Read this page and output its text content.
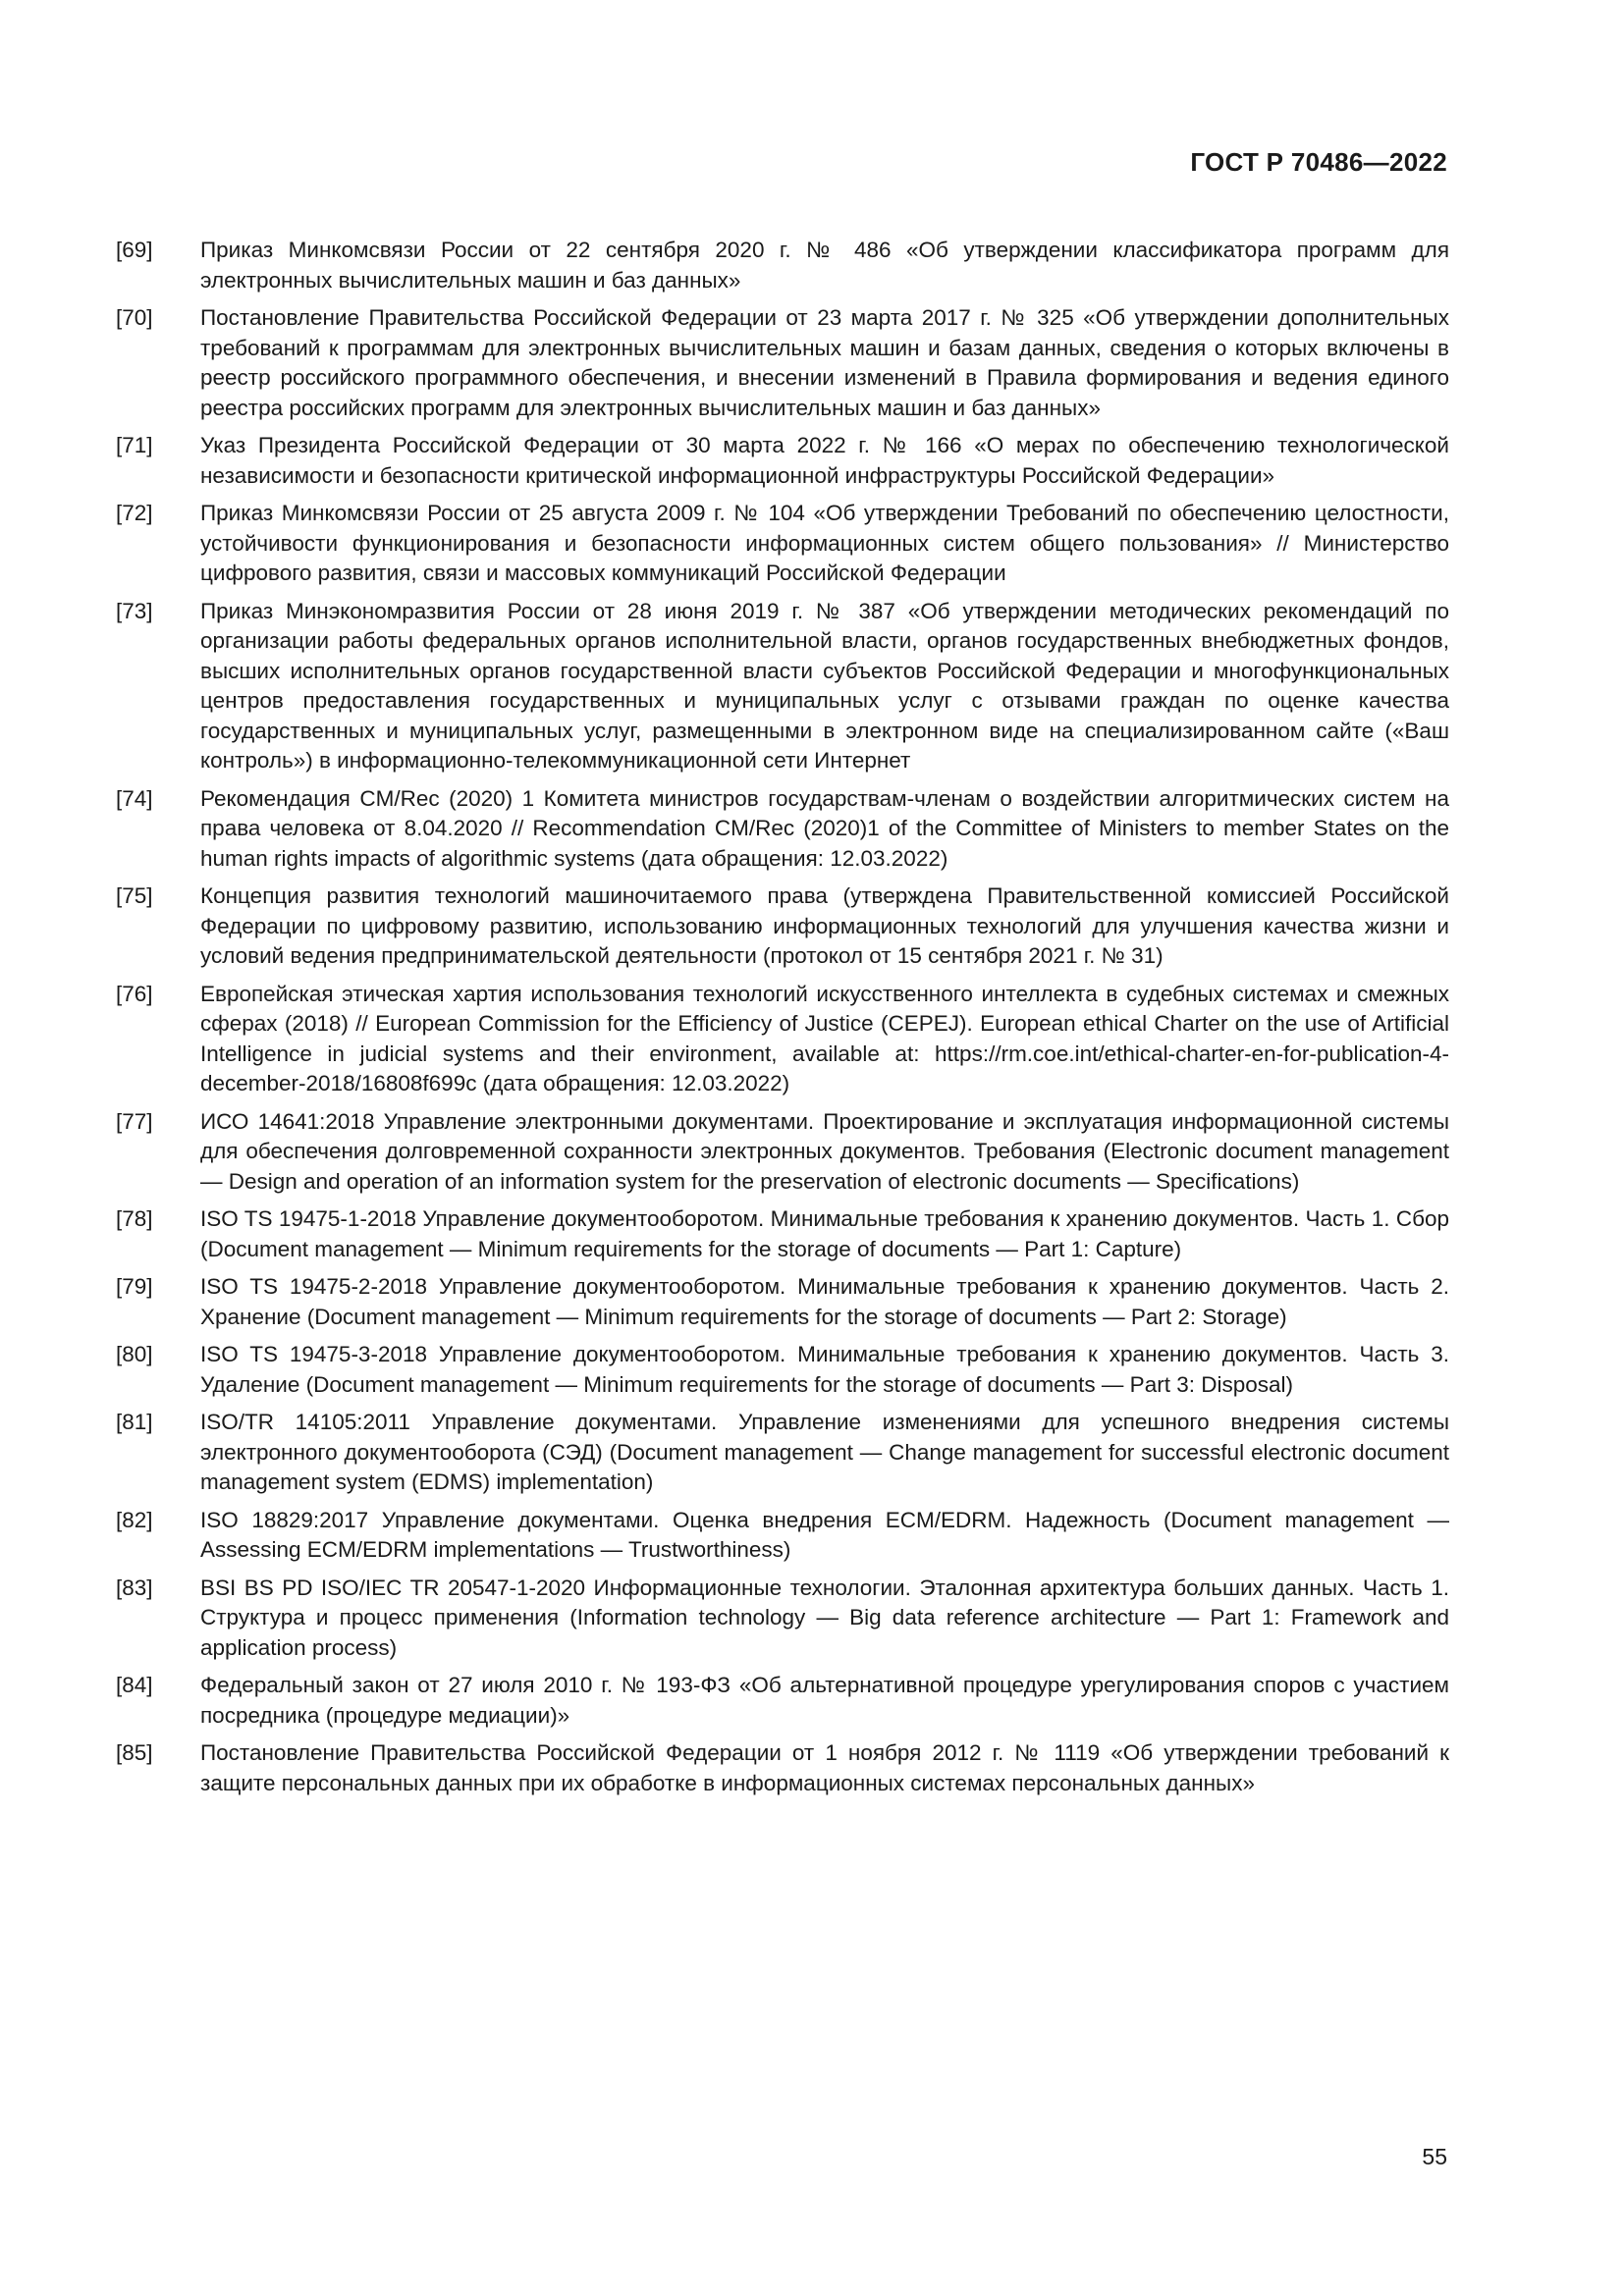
ГОСТ Р 70486—2022
[69]	Приказ Минкомсвязи России от 22 сентября 2020 г. № 486 «Об утверждении классификатора программ для электронных вычислительных машин и баз данных»
[70]	Постановление Правительства Российской Федерации от 23 марта 2017 г. № 325 «Об утверждении дополнительных требований к программам для электронных вычислительных машин и базам данных, сведения о которых включены в реестр российского программного обеспечения, и внесении изменений в Правила формирования и ведения единого реестра российских программ для электронных вычислительных машин и баз данных»
[71]	Указ Президента Российской Федерации от 30 марта 2022 г. № 166 «О мерах по обеспечению технологической независимости и безопасности критической информационной инфраструктуры Российской Федерации»
[72]	Приказ Минкомсвязи России от 25 августа 2009 г. № 104 «Об утверждении Требований по обеспечению целостности, устойчивости функционирования и безопасности информационных систем общего пользования» // Министерство цифрового развития, связи и массовых коммуникаций Российской Федерации
[73]	Приказ Минэкономразвития России от 28 июня 2019 г. № 387 «Об утверждении методических рекомендаций по организации работы федеральных органов исполнительной власти, органов государственных внебюджетных фондов, высших исполнительных органов государственной власти субъектов Российской Федерации и многофункциональных центров предоставления государственных и муниципальных услуг с отзывами граждан по оценке качества государственных и муниципальных услуг, размещенными в электронном виде на специализированном сайте («Ваш контроль») в информационно-телекоммуникационной сети Интернет
[74]	Рекомендация CM/Rec (2020) 1 Комитета министров государствам-членам о воздействии алгоритмических систем на права человека от 8.04.2020 // Recommendation CM/Rec (2020)1 of the Committee of Ministers to member States on the human rights impacts of algorithmic systems (дата обращения: 12.03.2022)
[75]	Концепция развития технологий машиночитаемого права (утверждена Правительственной комиссией Российской Федерации по цифровому развитию, использованию информационных технологий для улучшения качества жизни и условий ведения предпринимательской деятельности (протокол от 15 сентября 2021 г. № 31)
[76]	Европейская этическая хартия использования технологий искусственного интеллекта в судебных системах и смежных сферах (2018) // European Commission for the Efficiency of Justice (CEPEJ). European ethical Charter on the use of Artificial Intelligence in judicial systems and their environment, available at: https://rm.coe.int/ethical-charter-en-for-publication-4-december-2018/16808f699c (дата обращения: 12.03.2022)
[77]	ИСО 14641:2018 Управление электронными документами. Проектирование и эксплуатация информационной системы для обеспечения долговременной сохранности электронных документов. Требования (Electronic document management — Design and operation of an information system for the preservation of electronic documents — Specifications)
[78]	ISO TS 19475-1-2018 Управление документооборотом. Минимальные требования к хранению документов. Часть 1. Сбор (Document management — Minimum requirements for the storage of documents — Part 1: Capture)
[79]	ISO TS 19475-2-2018 Управление документооборотом. Минимальные требования к хранению документов. Часть 2. Хранение (Document management — Minimum requirements for the storage of documents — Part 2: Storage)
[80]	ISO TS 19475-3-2018 Управление документооборотом. Минимальные требования к хранению документов. Часть 3. Удаление (Document management — Minimum requirements for the storage of documents — Part 3: Disposal)
[81]	ISO/TR 14105:2011 Управление документами. Управление изменениями для успешного внедрения системы электронного документооборота (СЭД) (Document management — Change management for successful electronic document management system (EDMS) implementation)
[82]	ISO 18829:2017 Управление документами. Оценка внедрения ECM/EDRM. Надежность (Document management — Assessing ECM/EDRM implementations — Trustworthiness)
[83]	BSI BS PD ISO/IEC TR 20547-1-2020 Информационные технологии. Эталонная архитектура больших данных. Часть 1. Структура и процесс применения (Information technology — Big data reference architecture — Part 1: Framework and application process)
[84]	Федеральный закон от 27 июля 2010 г. № 193-ФЗ «Об альтернативной процедуре урегулирования споров с участием посредника (процедуре медиации)»
[85]	Постановление Правительства Российской Федерации от 1 ноября 2012 г. № 1119 «Об утверждении требований к защите персональных данных при их обработке в информационных системах персональных данных»
55
